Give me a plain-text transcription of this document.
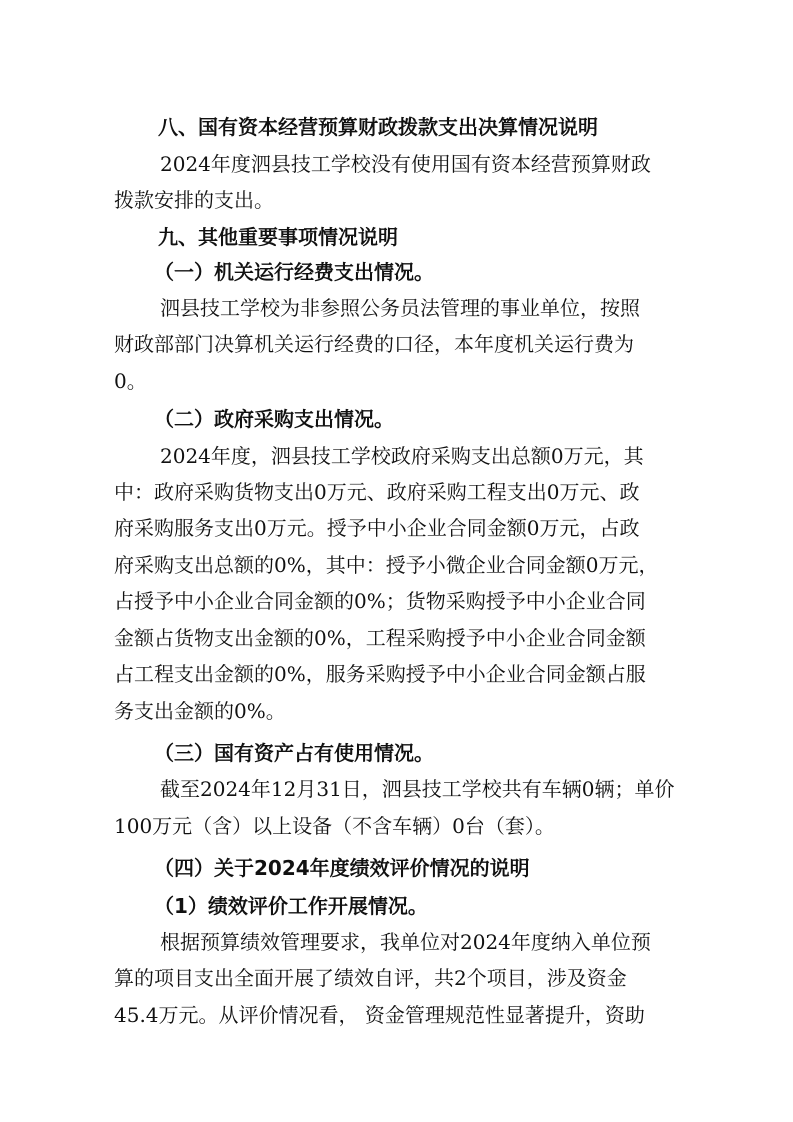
八、国有资本经营预算财政拨款支出决算情况说明
2024年度泗县技工学校没有使用国有资本经营预算财政
拨款安排的支出。
九、其他重要事项情况说明
（一）机关运行经费支出情况。
泗县技工学校为非参照公务员法管理的事业单位，按照
财政部部门决算机关运行经费的口径，本年度机关运行费为
0。
（二）政府采购支出情况。
2024年度，泗县技工学校政府采购支出总额0万元，其
中：政府采购货物支出0万元、政府采购工程支出0万元、政
府采购服务支出0万元。授予中小企业合同金额0万元，占政
府采购支出总额的0%，其中：授予小微企业合同金额0万元，
占授予中小企业合同金额的0%；货物采购授予中小企业合同
金额占货物支出金额的0%，工程采购授予中小企业合同金额
占工程支出金额的0%，服务采购授予中小企业合同金额占服
务支出金额的0%。
（三）国有资产占有使用情况。
截至2024年12月31日，泗县技工学校共有车辆0辆；单价
100万元（含）以上设备（不含车辆）0台（套）。
（四）关于2024年度绩效评价情况的说明
（1）绩效评价工作开展情况。
根据预算绩效管理要求，我单位对2024年度纳入单位预
算的项目支出全面开展了绩效自评，共2个项目，涉及资金
45.4万元。从评价情况看， 资金管理规范性显著提升，资助
